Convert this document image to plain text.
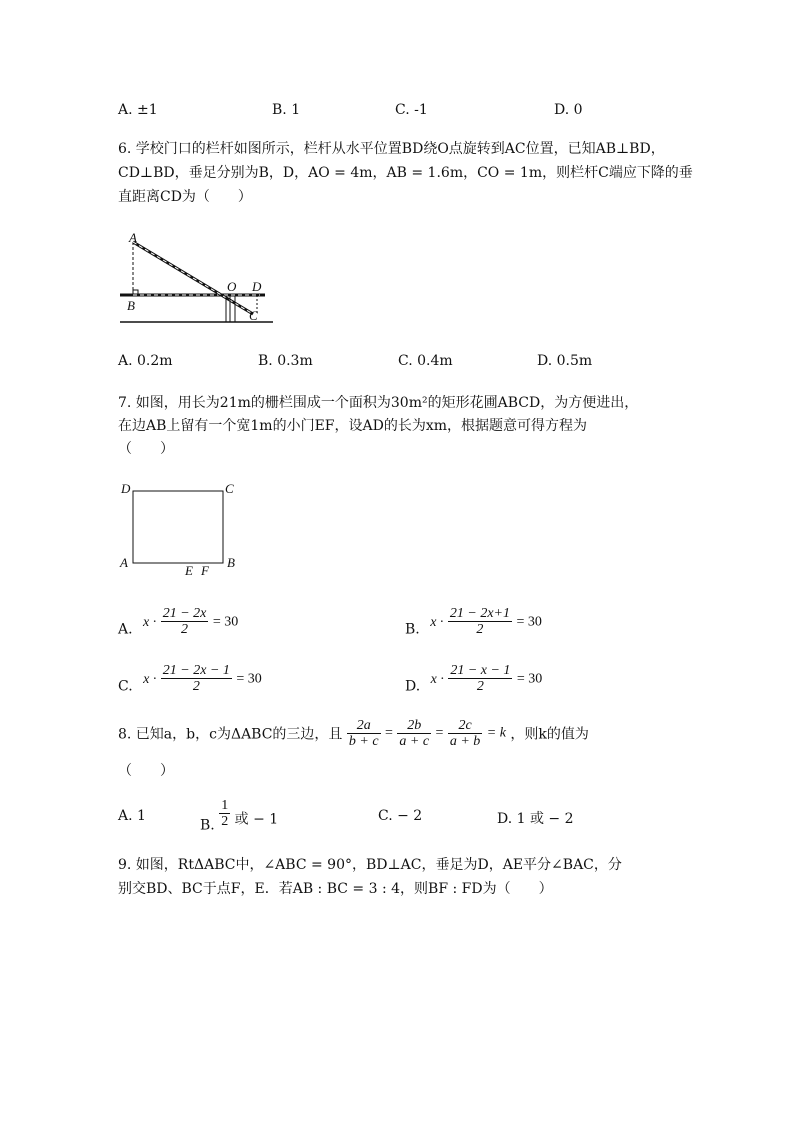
A. ±1	B. 1	C. -1	D. 0
6. 学校门口的栏杆如图所示，栏杆从水平位置BD绕O点旋转到AC位置，已知AB⊥BD，
CD⊥BD，垂足分别为B，D，AO = 4m，AB = 1.6m，CO = 1m，则栏杆C端应下降的垂
直距离CD为（　　）
A
B
O D
C
A. 0.2m	B. 0.3m	C. 0.4m	D. 0.5m
7. 如图，用长为21m的栅栏围成一个面积为30m²的矩形花圃ABCD，为方便进出，
在边AB上留有一个宽1m的小门EF，设AD的长为xm，根据题意可得方程为
（　　）
D	C
A	B
E F
A. $x \cdot \frac{21 - 2x}{2} = 30$	B. $x \cdot \frac{21 - 2x+1}{2} = 30$
C. $x \cdot \frac{21 - 2x - 1}{2} = 30$	D. $x \cdot \frac{21 - x - 1}{2} = 30$
8. 已知a，b，c为ΔABC的三边，且 $\frac{2a}{b + c} = \frac{2b}{a + c} = \frac{2c}{a + b} = k$ ，则k的值为
（　　）
A. 1
B. $\frac{1}{2}$ 或 − 1	C. − 2	D. 1 或 − 2
9. 如图，RtΔABC中，∠ABC = 90°，BD⊥AC，垂足为D，AE平分∠BAC，分
别交BD、BC于点F，E．若AB : BC = 3 : 4，则BF : FD为（　　）
